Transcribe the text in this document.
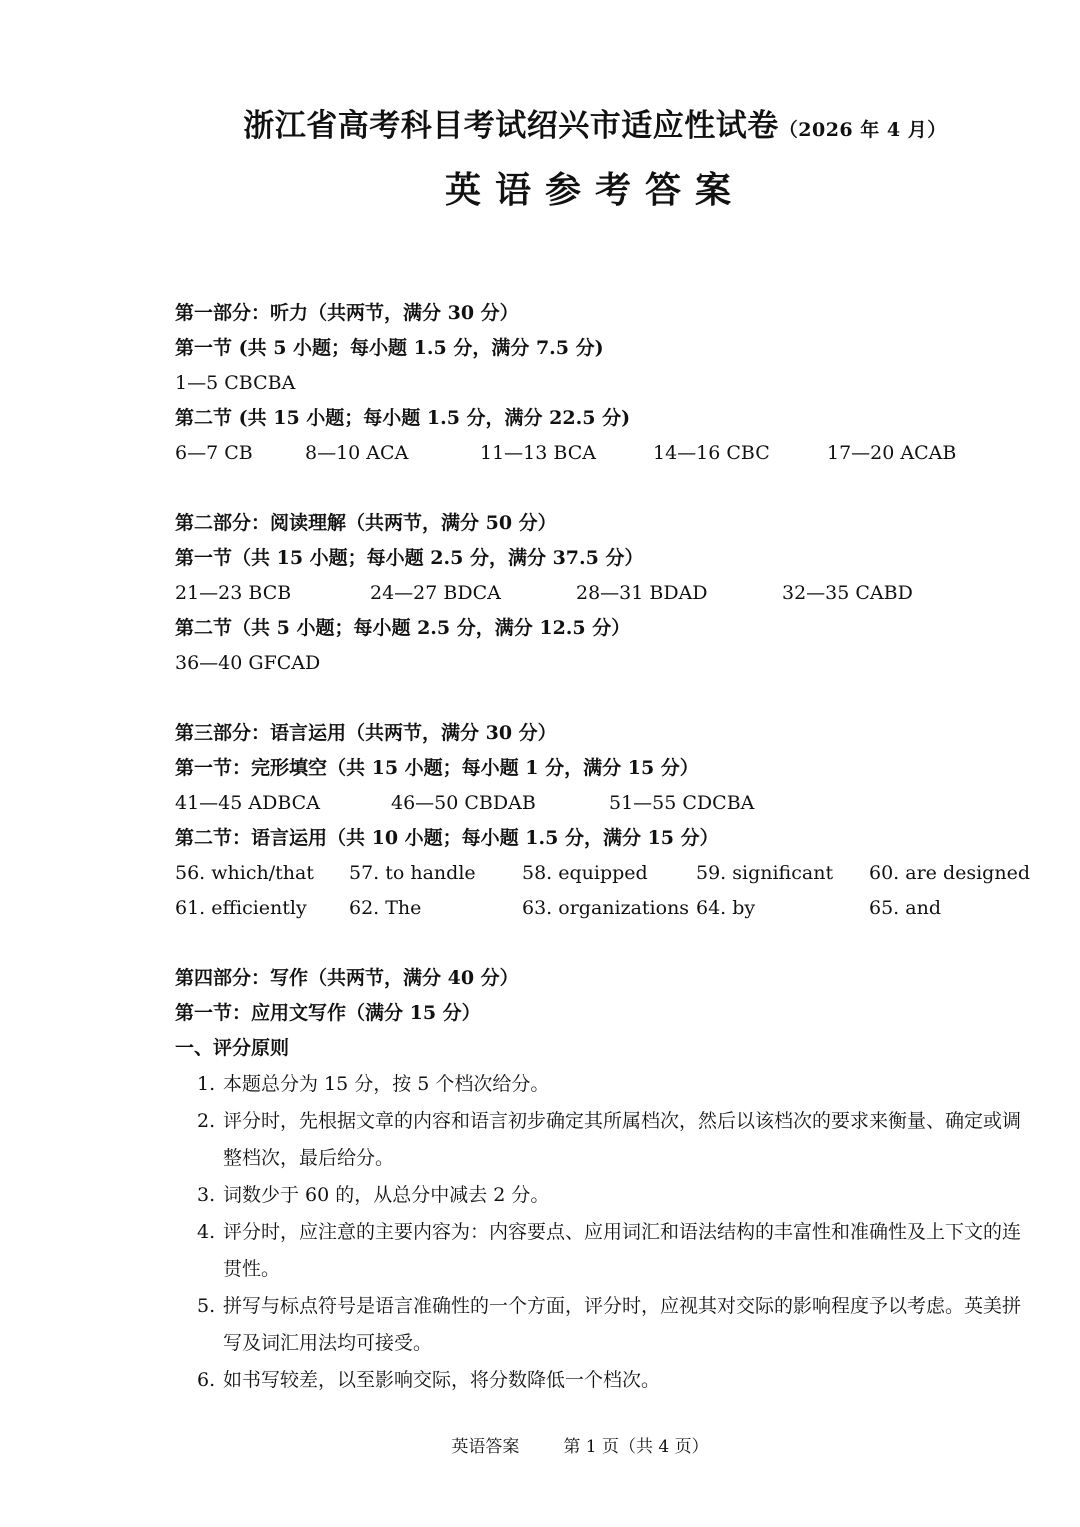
浙江省高考科目考试绍兴市适应性试卷（2026 年 4 月）
英语参考答案
第一部分：听力（共两节，满分 30 分）
第一节 (共 5 小题；每小题 1.5 分，满分 7.5 分)
1—5 CBCBA
第二节 (共 15 小题；每小题 1.5 分，满分 22.5 分)
6—7 CB	8—10 ACA	11—13 BCA	14—16 CBC	17—20 ACAB
第二部分：阅读理解（共两节，满分 50 分）
第一节（共 15 小题；每小题 2.5 分，满分 37.5 分）
21—23 BCB	24—27 BDCA	28—31 BDAD	32—35 CABD
第二节（共 5 小题；每小题 2.5 分，满分 12.5 分）
36—40 GFCAD
第三部分：语言运用（共两节，满分 30 分）
第一节：完形填空（共 15 小题；每小题 1 分，满分 15 分）
41—45 ADBCA	46—50 CBDAB	51—55 CDCBA
第二节：语言运用（共 10 小题；每小题 1.5 分，满分 15 分）
56. which/that 57. to handle 58. equipped	59. significant 60. are designed
61. efficiently 62. The	63. organizations 64. by	65. and
第四部分：写作（共两节，满分 40 分）
第一节：应用文写作（满分 15 分）
一、评分原则
1. 本题总分为 15 分，按 5 个档次给分。
2. 评分时，先根据文章的内容和语言初步确定其所属档次，然后以该档次的要求来衡量、确定或调整档次，最后给分。
3. 词数少于 60 的，从总分中减去 2 分。
4. 评分时，应注意的主要内容为：内容要点、应用词汇和语法结构的丰富性和准确性及上下文的连贯性。
5. 拼写与标点符号是语言准确性的一个方面，评分时，应视其对交际的影响程度予以考虑。英美拼写及词汇用法均可接受。
6. 如书写较差，以至影响交际，将分数降低一个档次。
英语答案	第 1 页（共 4 页）
